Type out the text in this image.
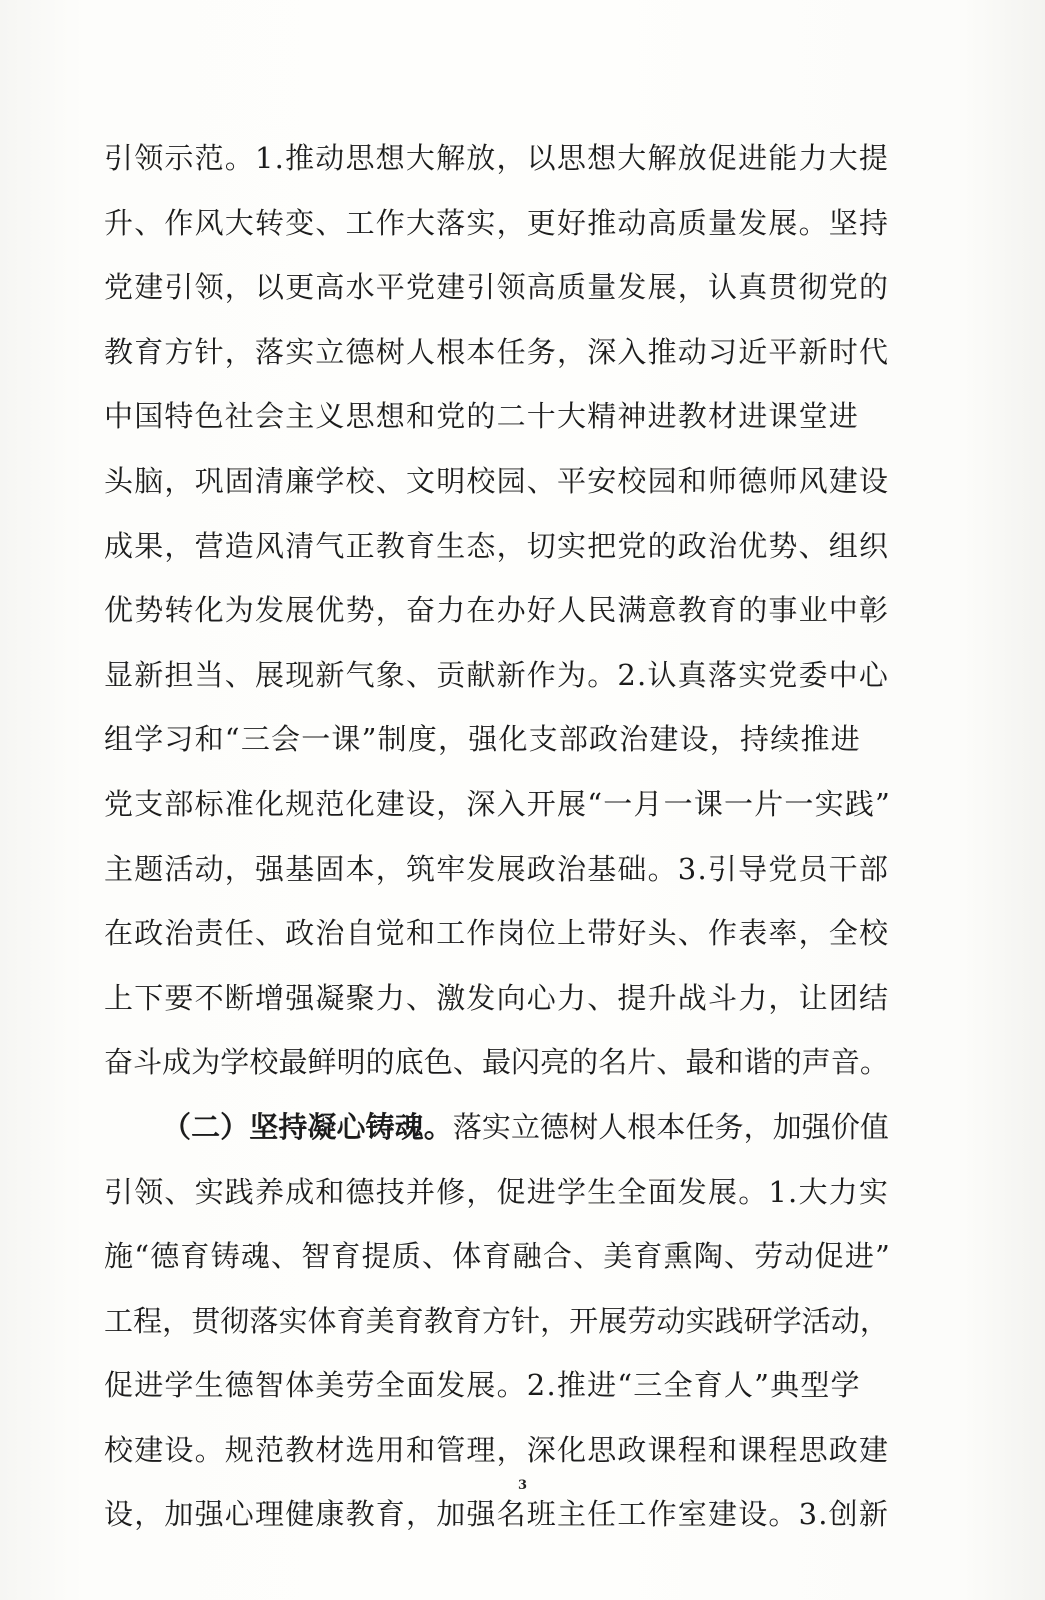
引领示范。1.推动思想大解放，以思想大解放促进能力大提
升、作风大转变、工作大落实，更好推动高质量发展。坚持
党建引领，以更高水平党建引领高质量发展，认真贯彻党的
教育方针，落实立德树人根本任务，深入推动习近平新时代
中国特色社会主义思想和党的二十大精神进教材进课堂进
头脑，巩固清廉学校、文明校园、平安校园和师德师风建设
成果，营造风清气正教育生态，切实把党的政治优势、组织
优势转化为发展优势，奋力在办好人民满意教育的事业中彰
显新担当、展现新气象、贡献新作为。2.认真落实党委中心
组学习和“三会一课”制度，强化支部政治建设，持续推进
党支部标准化规范化建设，深入开展“一月一课一片一实践”
主题活动，强基固本，筑牢发展政治基础。3.引导党员干部
在政治责任、政治自觉和工作岗位上带好头、作表率，全校
上下要不断增强凝聚力、激发向心力、提升战斗力，让团结
奋斗成为学校最鲜明的底色、最闪亮的名片、最和谐的声音。
（二）坚持凝心铸魂。落实立德树人根本任务，加强价值
引领、实践养成和德技并修，促进学生全面发展。1.大力实
施“德育铸魂、智育提质、体育融合、美育熏陶、劳动促进”
工程，贯彻落实体育美育教育方针，开展劳动实践研学活动，
促进学生德智体美劳全面发展。2.推进“三全育人”典型学
校建设。规范教材选用和管理，深化思政课程和课程思政建
设，加强心理健康教育，加强名班主任工作室建设。3.创新
3
